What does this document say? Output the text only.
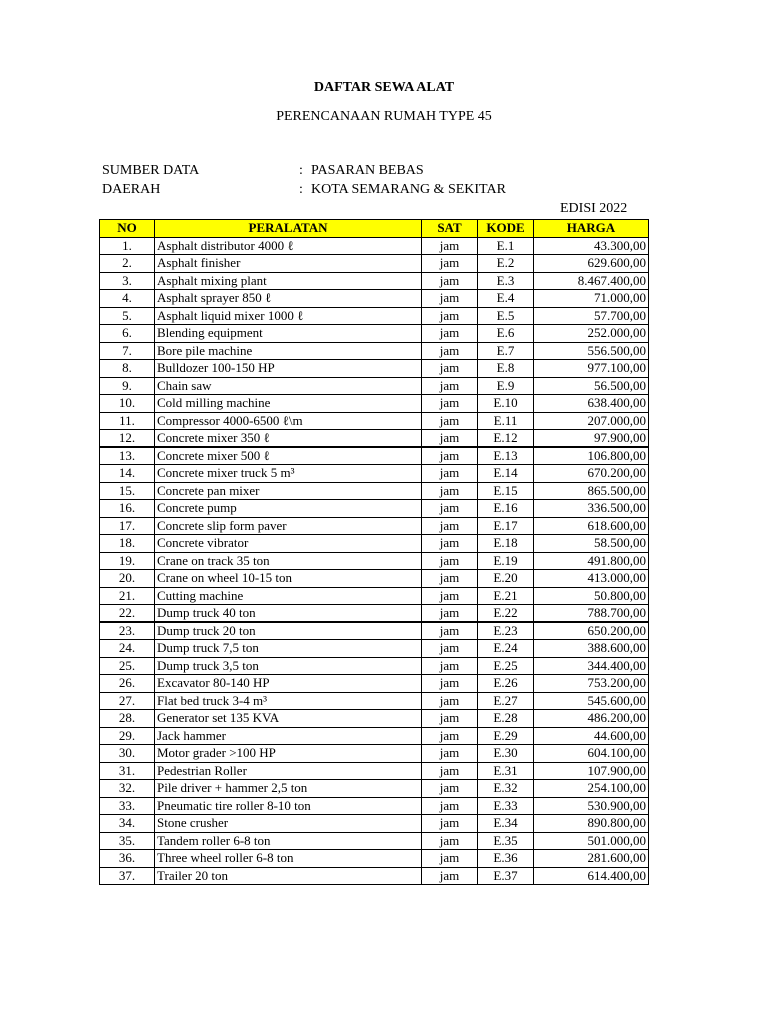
DAFTAR SEWA ALAT
PERENCANAAN RUMAH TYPE 45
SUMBER DATA	: PASARAN BEBAS
DAERAH	: KOTA SEMARANG & SEKITAR
EDISI 2022
NO	PERALATAN	SAT	KODE	HARGA
1.	Asphalt distributor 4000 ℓ	jam	E.1	43.300,00
2.	Asphalt finisher	jam	E.2	629.600,00
3.	Asphalt mixing plant	jam	E.3	8.467.400,00
4.	Asphalt sprayer 850 ℓ	jam	E.4	71.000,00
5.	Asphalt liquid mixer 1000 ℓ	jam	E.5	57.700,00
6.	Blending equipment	jam	E.6	252.000,00
7.	Bore pile machine	jam	E.7	556.500,00
8.	Bulldozer 100-150 HP	jam	E.8	977.100,00
9.	Chain saw	jam	E.9	56.500,00
10.	Cold milling machine	jam	E.10	638.400,00
11.	Compressor 4000-6500 ℓ\m	jam	E.11	207.000,00
12.	Concrete mixer 350 ℓ	jam	E.12	97.900,00
13.	Concrete mixer 500 ℓ	jam	E.13	106.800,00
14.	Concrete mixer truck 5 m³	jam	E.14	670.200,00
15.	Concrete pan mixer	jam	E.15	865.500,00
16.	Concrete pump	jam	E.16	336.500,00
17.	Concrete slip form paver	jam	E.17	618.600,00
18.	Concrete vibrator	jam	E.18	58.500,00
19.	Crane on track 35 ton	jam	E.19	491.800,00
20.	Crane on wheel 10-15 ton	jam	E.20	413.000,00
21.	Cutting machine	jam	E.21	50.800,00
22.	Dump truck 40 ton	jam	E.22	788.700,00
23.	Dump truck 20 ton	jam	E.23	650.200,00
24.	Dump truck 7,5 ton	jam	E.24	388.600,00
25.	Dump truck 3,5 ton	jam	E.25	344.400,00
26.	Excavator 80-140 HP	jam	E.26	753.200,00
27.	Flat bed truck 3-4 m³	jam	E.27	545.600,00
28.	Generator set 135 KVA	jam	E.28	486.200,00
29.	Jack hammer	jam	E.29	44.600,00
30.	Motor grader >100 HP	jam	E.30	604.100,00
31.	Pedestrian Roller	jam	E.31	107.900,00
32.	Pile driver + hammer 2,5 ton	jam	E.32	254.100,00
33.	Pneumatic tire roller 8-10 ton	jam	E.33	530.900,00
34.	Stone crusher	jam	E.34	890.800,00
35.	Tandem roller 6-8 ton	jam	E.35	501.000,00
36.	Three wheel roller 6-8 ton	jam	E.36	281.600,00
37.	Trailer 20 ton	jam	E.37	614.400,00
